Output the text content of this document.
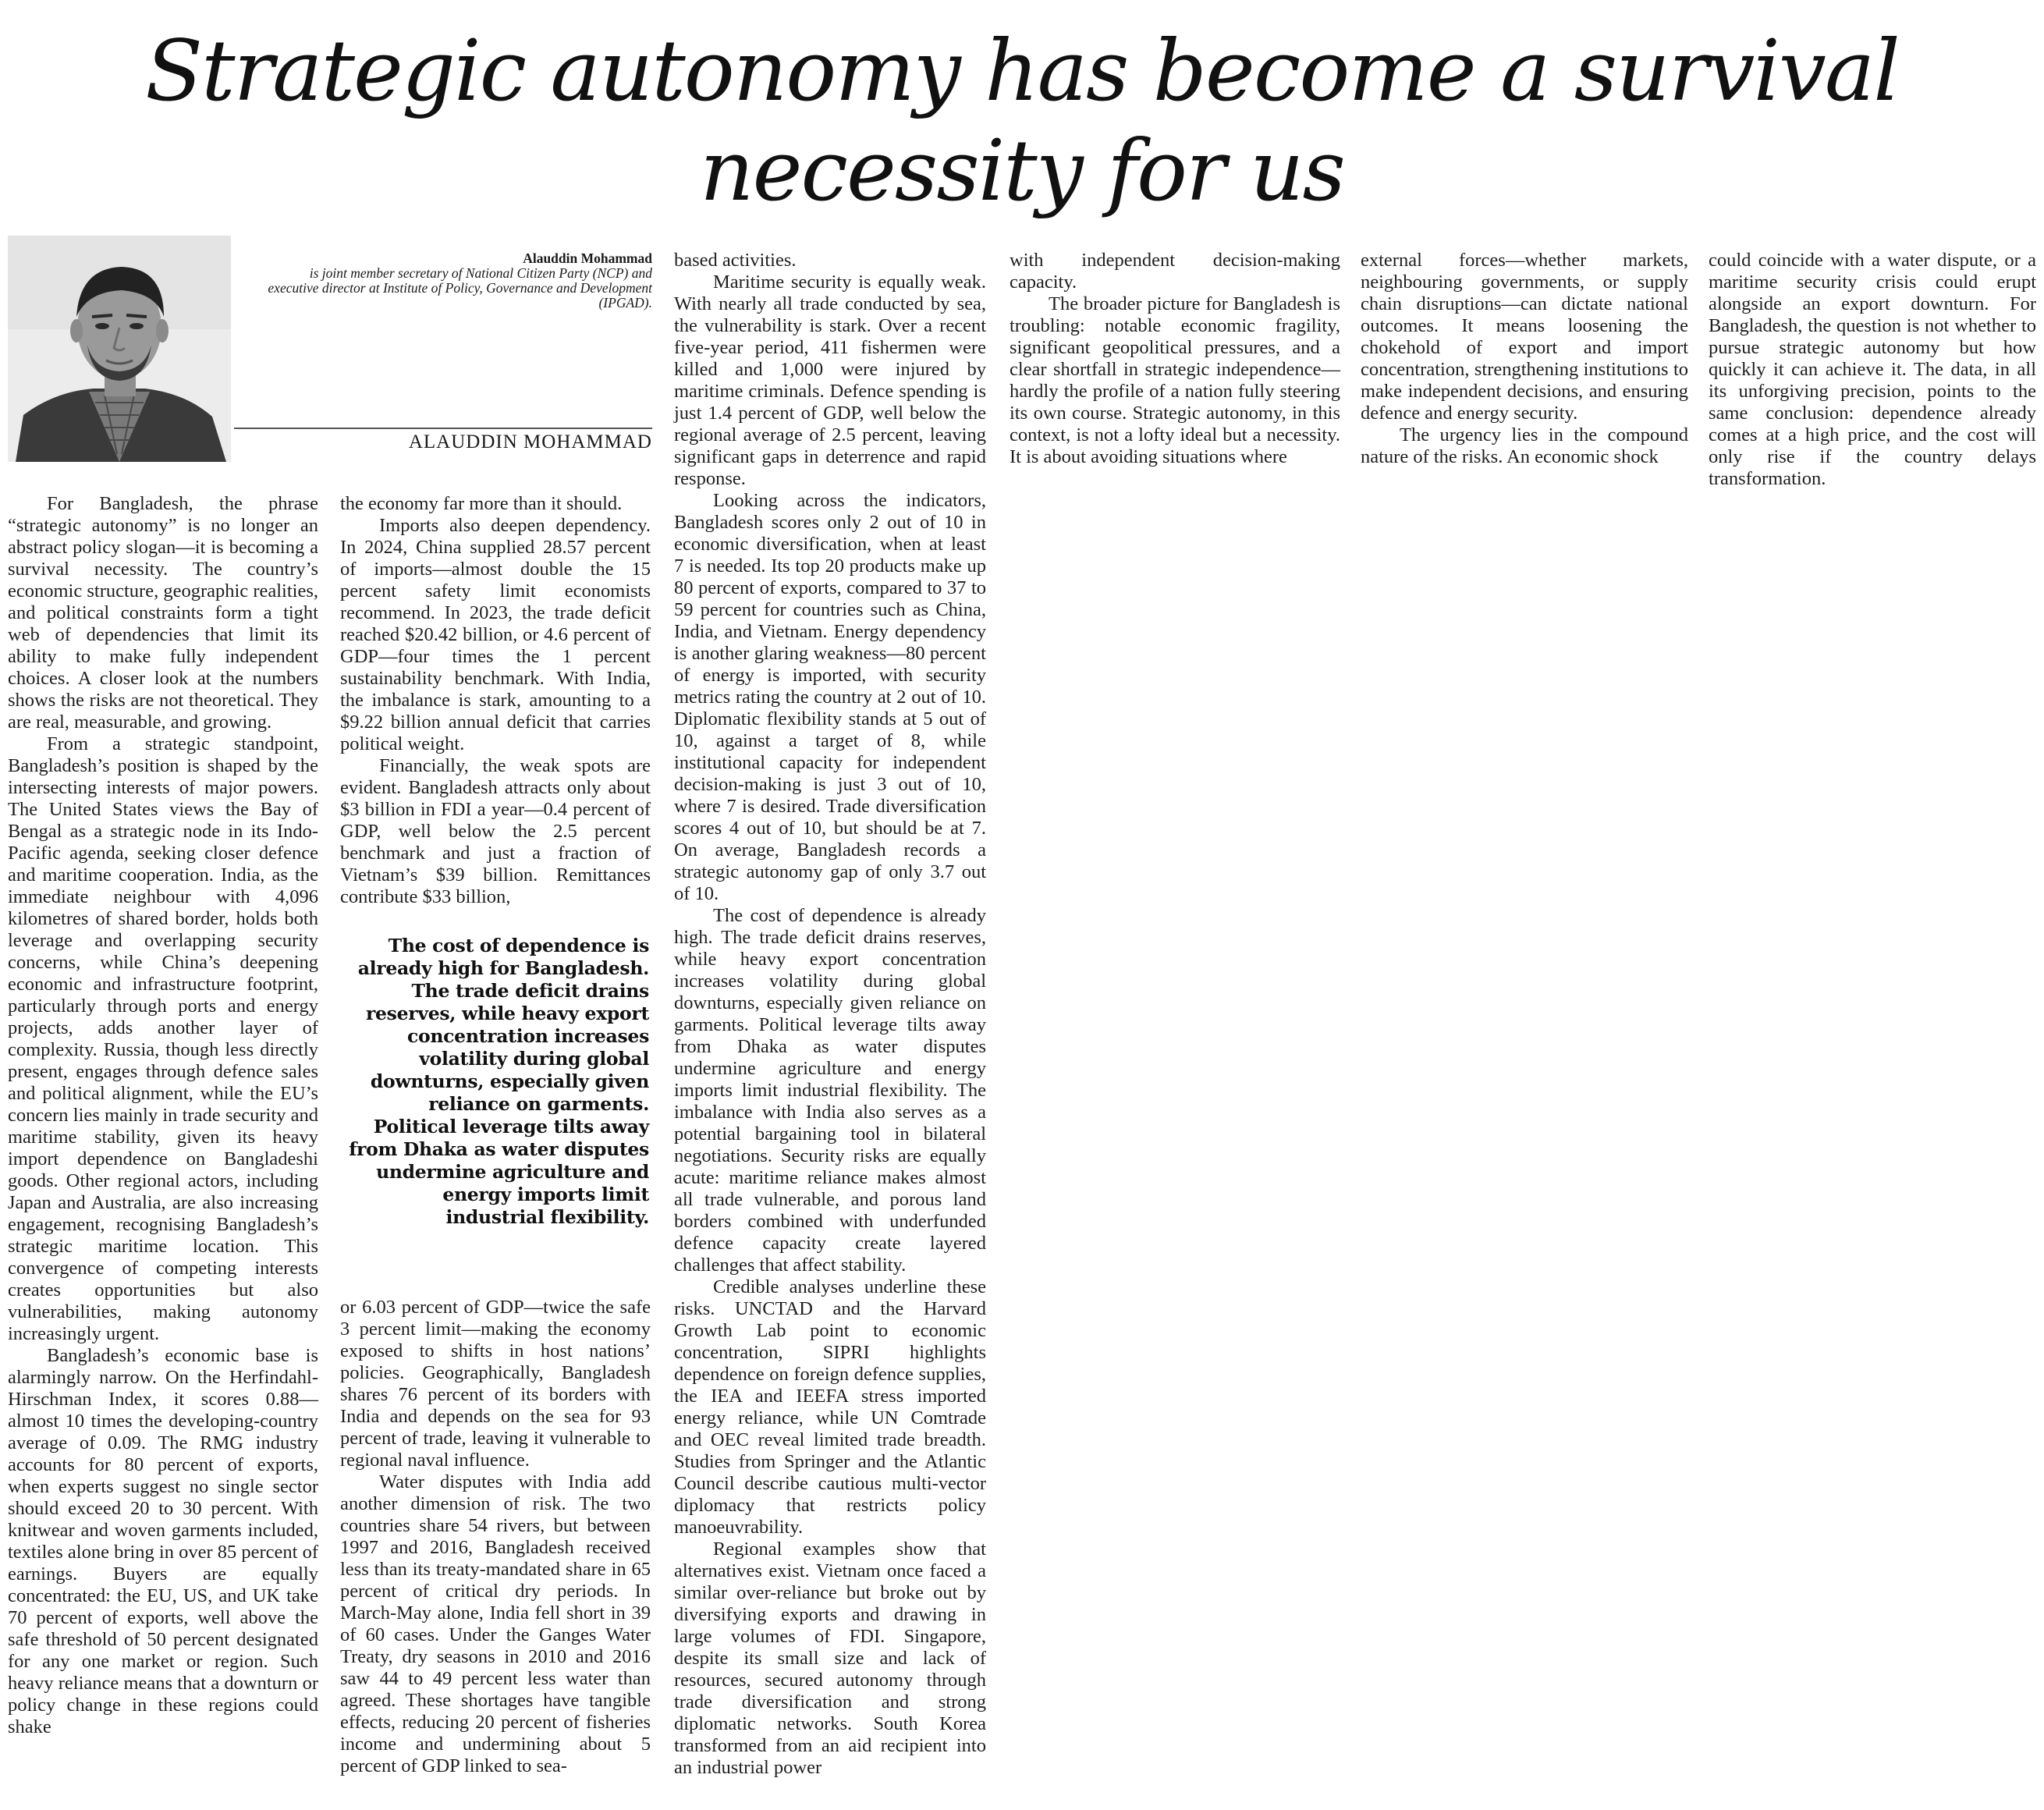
Strategic autonomy has become a survival necessity for us
Alauddin Mohammad
is joint member secretary of National Citizen Party (NCP) and executive director at Institute of Policy, Governance and Development (IPGAD).
ALAUDDIN MOHAMMAD

For Bangladesh, the phrase “strategic autonomy” is no longer an abstract policy slogan—it is becoming a survival necessity. The country’s economic structure, geographic realities, and political constraints form a tight web of dependencies that limit its ability to make fully independent choices. A closer look at the numbers shows the risks are not theoretical. They are real, measurable, and growing.

From a strategic standpoint, Bangladesh’s position is shaped by the intersecting interests of major powers. The United States views the Bay of Bengal as a strategic node in its Indo-Pacific agenda, seeking closer defence and maritime cooperation. India, as the immediate neighbour with 4,096 kilometres of shared border, holds both leverage and overlapping security concerns, while China’s deepening economic and infrastructure footprint, particularly through ports and energy projects, adds another layer of complexity. Russia, though less directly present, engages through defence sales and political alignment, while the EU’s concern lies mainly in trade security and maritime stability, given its heavy import dependence on Bangladeshi goods. Other regional actors, including Japan and Australia, are also increasing engagement, recognising Bangladesh’s strategic maritime location. This convergence of competing interests creates opportunities but also vulnerabilities, making autonomy increasingly urgent.

Bangladesh’s economic base is alarmingly narrow. On the Herfindahl-Hirschman Index, it scores 0.88—almost 10 times the developing-country average of 0.09. The RMG industry accounts for 80 percent of exports, when experts suggest no single sector should exceed 20 to 30 percent. With knitwear and woven garments included, textiles alone bring in over 85 percent of earnings. Buyers are equally concentrated: the EU, US, and UK take 70 percent of exports, well above the safe threshold of 50 percent designated for any one market or region. Such heavy reliance means that a downturn or policy change in these regions could shake

the economy far more than it should.

Imports also deepen dependency. In 2024, China supplied 28.57 percent of imports—almost double the 15 percent safety limit economists recommend. In 2023, the trade deficit reached $20.42 billion, or 4.6 percent of GDP—four times the 1 percent sustainability benchmark. With India, the imbalance is stark, amounting to a $9.22 billion annual deficit that carries political weight.

Financially, the weak spots are evident. Bangladesh attracts only about $3 billion in FDI a year—0.4 percent of GDP, well below the 2.5 percent benchmark and just a fraction of Vietnam’s $39 billion. Remittances contribute $33 billion,

The cost of dependence is already high for Bangladesh. The trade deficit drains reserves, while heavy export concentration increases volatility during global downturns, especially given reliance on garments. Political leverage tilts away from Dhaka as water disputes undermine agriculture and energy imports limit industrial flexibility.

or 6.03 percent of GDP—twice the safe 3 percent limit—making the economy exposed to shifts in host nations’ policies. Geographically, Bangladesh shares 76 percent of its borders with India and depends on the sea for 93 percent of trade, leaving it vulnerable to regional naval influence.

Water disputes with India add another dimension of risk. The two countries share 54 rivers, but between 1997 and 2016, Bangladesh received less than its treaty-mandated share in 65 percent of critical dry periods. In March-May alone, India fell short in 39 of 60 cases. Under the Ganges Water Treaty, dry seasons in 2010 and 2016 saw 44 to 49 percent less water than agreed. These shortages have tangible effects, reducing 20 percent of fisheries income and undermining about 5 percent of GDP linked to sea-

based activities.

Maritime security is equally weak. With nearly all trade conducted by sea, the vulnerability is stark. Over a recent five-year period, 411 fishermen were killed and 1,000 were injured by maritime criminals. Defence spending is just 1.4 percent of GDP, well below the regional average of 2.5 percent, leaving significant gaps in deterrence and rapid response.

Looking across the indicators, Bangladesh scores only 2 out of 10 in economic diversification, when at least 7 is needed. Its top 20 products make up 80 percent of exports, compared to 37 to 59 percent for countries such as China, India, and Vietnam. Energy dependency is another glaring weakness—80 percent of energy is imported, with security metrics rating the country at 2 out of 10. Diplomatic flexibility stands at 5 out of 10, against a target of 8, while institutional capacity for independent decision-making is just 3 out of 10, where 7 is desired. Trade diversification scores 4 out of 10, but should be at 7. On average, Bangladesh records a strategic autonomy gap of only 3.7 out of 10.

The cost of dependence is already high. The trade deficit drains reserves, while heavy export concentration increases volatility during global downturns, especially given reliance on garments. Political leverage tilts away from Dhaka as water disputes undermine agriculture and energy imports limit industrial flexibility. The imbalance with India also serves as a potential bargaining tool in bilateral negotiations. Security risks are equally acute: maritime reliance makes almost all trade vulnerable, and porous land borders combined with underfunded defence capacity create layered challenges that affect stability.

Credible analyses underline these risks. UNCTAD and the Harvard Growth Lab point to economic concentration, SIPRI highlights dependence on foreign defence supplies, the IEA and IEEFA stress imported energy reliance, while UN Comtrade and OEC reveal limited trade breadth. Studies from Springer and the Atlantic Council describe cautious multi-vector diplomacy that restricts policy manoeuvrability.

Regional examples show that alternatives exist. Vietnam once faced a similar over-reliance but broke out by diversifying exports and drawing in large volumes of FDI. Singapore, despite its small size and lack of resources, secured autonomy through trade diversification and strong diplomatic networks. South Korea transformed from an aid recipient into an industrial power

with independent decision-making capacity.

The broader picture for Bangladesh is troubling: notable economic fragility, significant geopolitical pressures, and a clear shortfall in strategic independence—hardly the profile of a nation fully steering its own course. Strategic autonomy, in this context, is not a lofty ideal but a necessity. It is about avoiding situations where

external forces—whether markets, neighbouring governments, or supply chain disruptions—can dictate national outcomes. It means loosening the chokehold of export and import concentration, strengthening institutions to make independent decisions, and ensuring defence and energy security.

The urgency lies in the compound nature of the risks. An economic shock

could coincide with a water dispute, or a maritime security crisis could erupt alongside an export downturn. For Bangladesh, the question is not whether to pursue strategic autonomy but how quickly it can achieve it. The data, in all its unforgiving precision, points to the same conclusion: dependence already comes at a high price, and the cost will only rise if the country delays transformation.
